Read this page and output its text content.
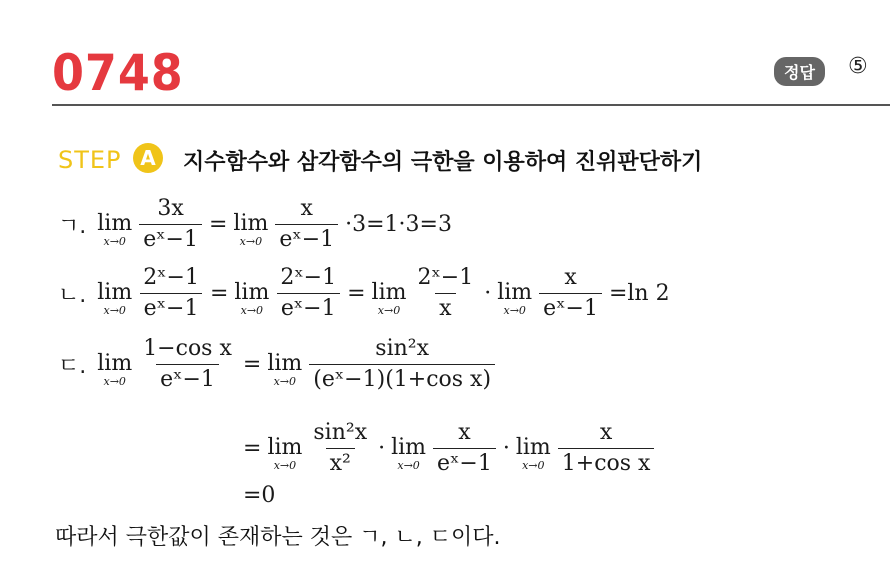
0748	정답	⑤
STEP A	지수함수와 삼각함수의 극한을 이용하여 진위판단하기
ㄱ. lim
$x\to 0 \frac{3x}{\text{eˣ−1}} = \lim$
$x\to 0 \frac{x}{\text{eˣ−1}} \cdot 3=1\cdot 3=3$
ㄴ. lim
$x\to 0 \frac{\text{2ˣ−1}}{\text{eˣ−1}} = \lim$
$x\to 0 \frac{\text{2ˣ−1}}{\text{eˣ−1}} = \lim$
$x\to 0 \frac{\text{2ˣ−1}}{x} \cdot \lim$
$x\to 0 \frac{x}{\text{eˣ−1}} =\ln$ 2
ㄷ. lim
$x\to 0 \frac{\text{1−cos x}}{\text{eˣ−1}} = \lim$
$x\to 0 \frac{\text{sin²x}}{\text{(eˣ−1)(1+cos x)}}$
= lim
$x\to 0 \frac{\text{sin²x}}{\text{x²}} \cdot \lim$
$x\to 0 \frac{x}{\text{eˣ−1}} \cdot \lim$
$x\to 0 \frac{x}{\text{1+cos x}}$
=0
따라서 극한값이 존재하는 것은 ㄱ, ㄴ, ㄷ이다.
